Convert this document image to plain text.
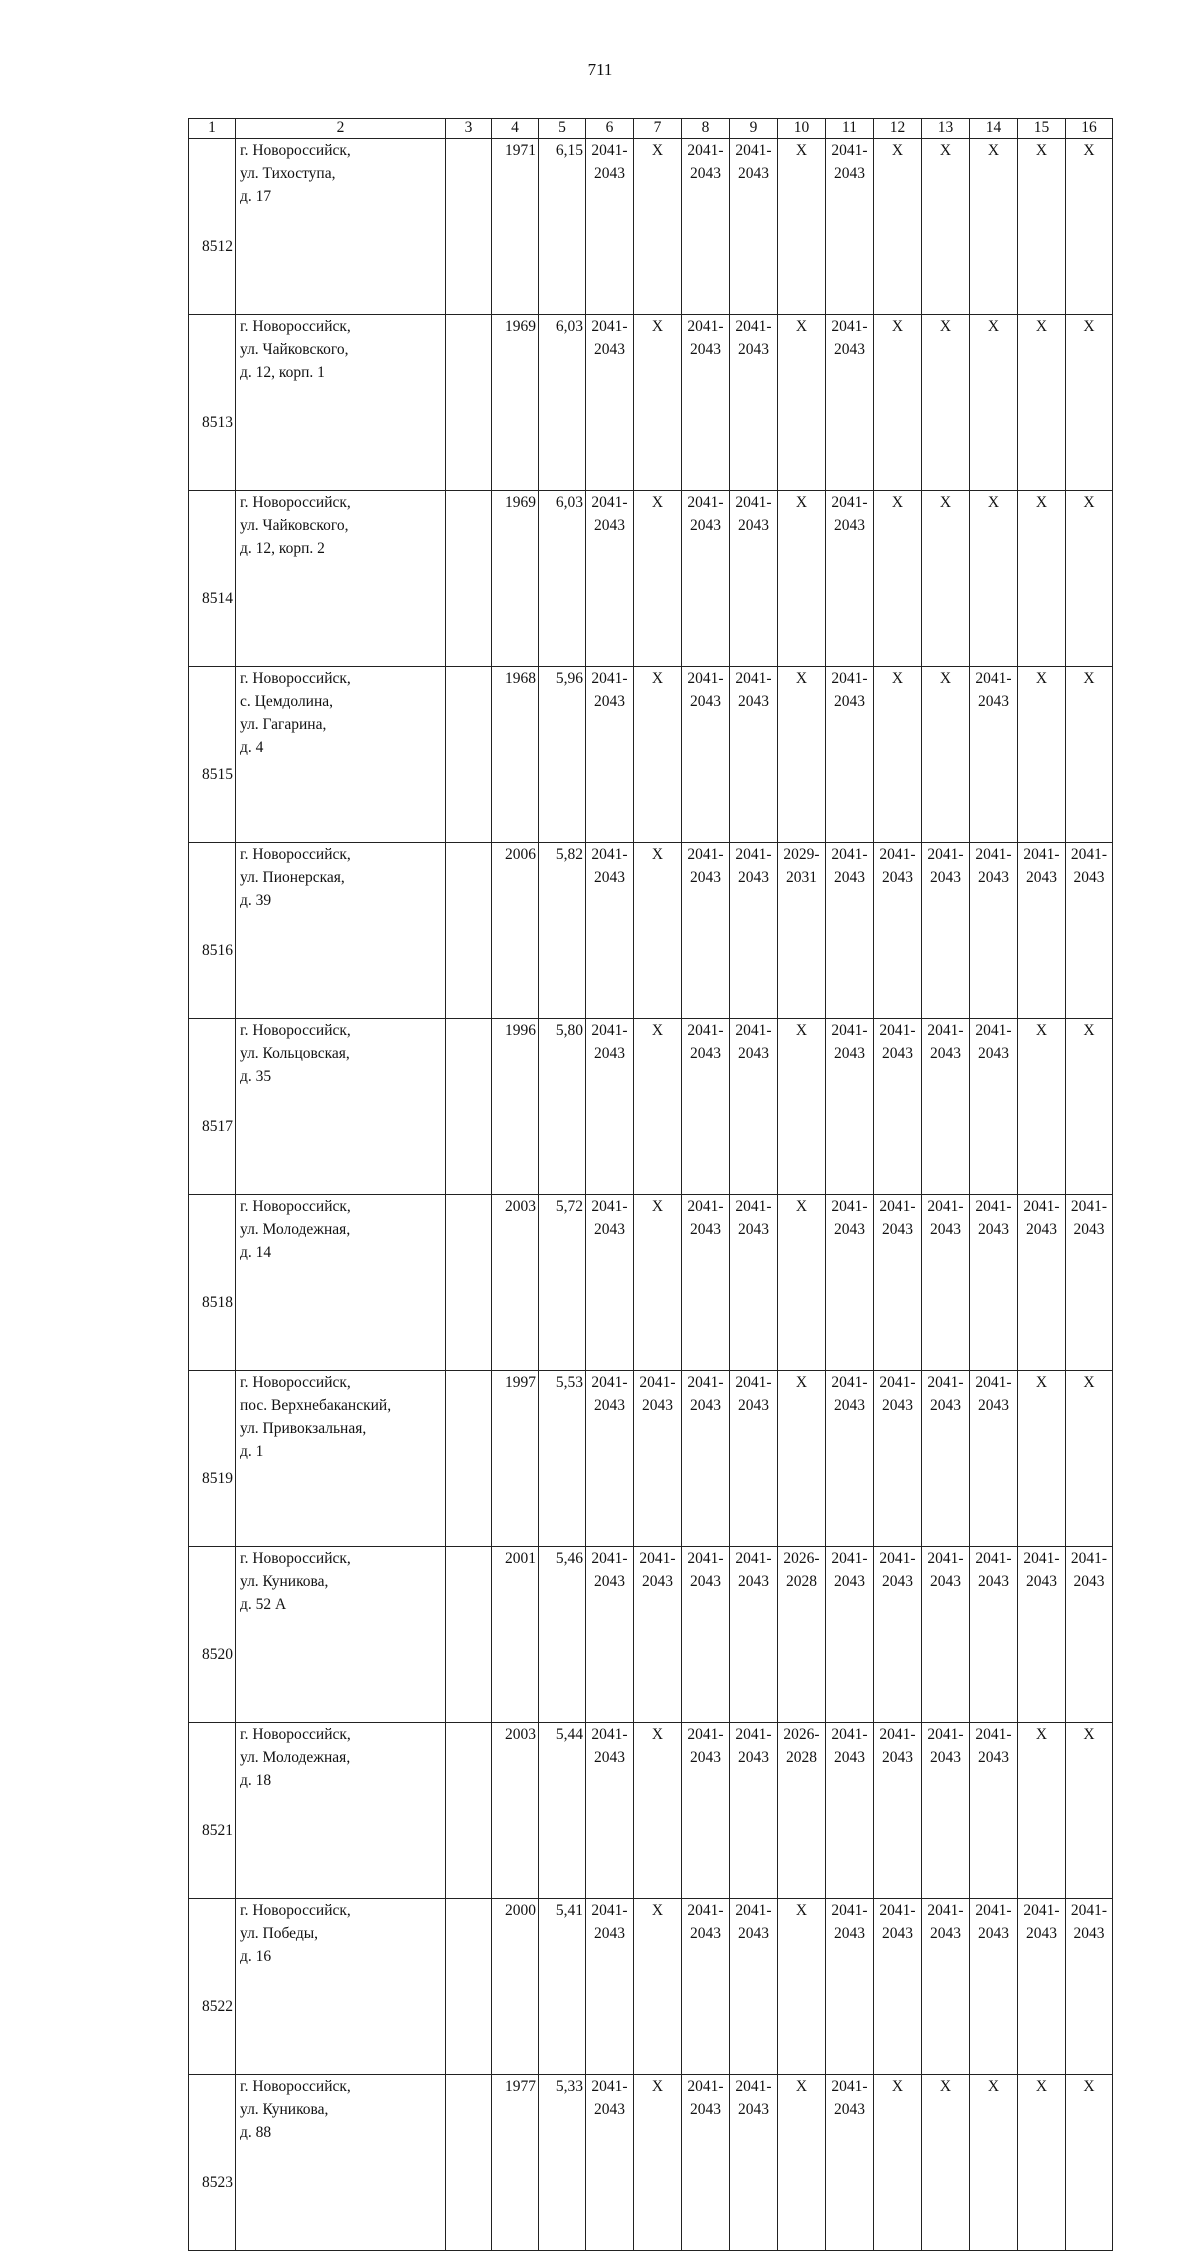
711
1	2	3	4	5	6	7	8	9	10	11	12	13	14	15	16
8512	г. Новороссийск,
ул. Тихоступа,
д. 17		1971	6,15	2041-
2043	X	2041-
2043	2041-
2043	X	2041-
2043	X	X	X	X	X
8513	г. Новороссийск,
ул. Чайковского,
д. 12, корп. 1		1969	6,03	2041-
2043	X	2041-
2043	2041-
2043	X	2041-
2043	X	X	X	X	X
8514	г. Новороссийск,
ул. Чайковского,
д. 12, корп. 2		1969	6,03	2041-
2043	X	2041-
2043	2041-
2043	X	2041-
2043	X	X	X	X	X
8515	г. Новороссийск,
с. Цемдолина,
ул. Гагарина,
д. 4		1968	5,96	2041-
2043	X	2041-
2043	2041-
2043	X	2041-
2043	X	X	2041-
2043	X	X
8516	г. Новороссийск,
ул. Пионерская,
д. 39		2006	5,82	2041-
2043	X	2041-
2043	2041-
2043	2029-
2031	2041-
2043	2041-
2043	2041-
2043	2041-
2043	2041-
2043	2041-
2043

8517	г. Новороссийск,
ул. Кольцовская,
д. 35		1996	5,80	2041-
2043	X	2041-
2043	2041-
2043	X	2041-
2043	2041-
2043	2041-
2043	2041-
2043	X	X
8518	г. Новороссийск,
ул. Молодежная,
д. 14		2003	5,72	2041-
2043	X	2041-
2043	2041-
2043	X	2041-
2043	2041-
2043	2041-
2043	2041-
2043	2041-
2043	2041-
2043

8519	г. Новороссийск,
пос. Верхнебаканский,
ул. Привокзальная,
д. 1		1997	5,53	2041-
2043	2041-
2043	2041-
2043	2041-
2043	X	2041-
2043	2041-
2043	2041-
2043	2041-
2043	X	X
8520	г. Новороссийск,
ул. Куникова,
д. 52 А		2001	5,46	2041-
2043	2041-
2043	2041-
2043	2041-
2043	2026-
2028	2041-
2043	2041-
2043	2041-
2043	2041-
2043	2041-
2043	2041-
2043

8521	г. Новороссийск,
ул. Молодежная,
д. 18		2003	5,44	2041-
2043	X	2041-
2043	2041-
2043	2026-
2028	2041-
2043	2041-
2043	2041-
2043	2041-
2043	X	X
8522	г. Новороссийск,
ул. Победы,
д. 16		2000	5,41	2041-
2043	X	2041-
2043	2041-
2043	X	2041-
2043	2041-
2043	2041-
2043	2041-
2043	2041-
2043	2041-
2043

8523	г. Новороссийск,
ул. Куникова,
д. 88		1977	5,33	2041-
2043	X	2041-
2043	2041-
2043	X	2041-
2043	X	X	X	X	X
